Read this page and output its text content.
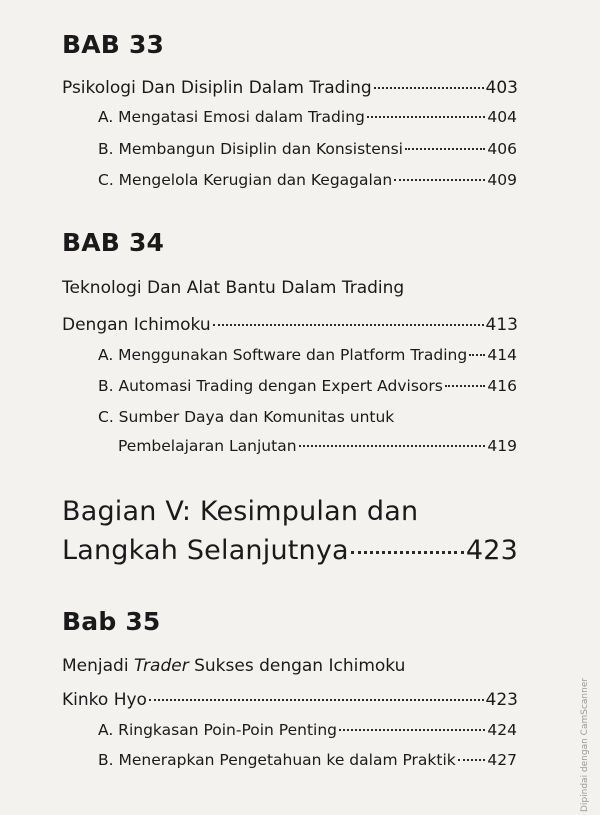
BAB 33
Psikologi Dan Disiplin Dalam Trading	403
A. Mengatasi Emosi dalam Trading	404
B. Membangun Disiplin dan Konsistensi	406
C. Mengelola Kerugian dan Kegagalan	409
BAB 34
Teknologi Dan Alat Bantu Dalam Trading
Dengan Ichimoku	413
A. Menggunakan Software dan Platform Trading 414
B. Automasi Trading dengan Expert Advisors	416
C. Sumber Daya dan Komunitas untuk
Pembelajaran Lanjutan	419
Bagian V: Kesimpulan dan
Langkah Selanjutnya	423
Bab 35
Menjadi Trader Sukses dengan Ichimoku
Kinko Hyo	423
A. Ringkasan Poin-Poin Penting	424
B. Menerapkan Pengetahuan ke dalam Praktik 427	Dipindai dengan CamScanner
